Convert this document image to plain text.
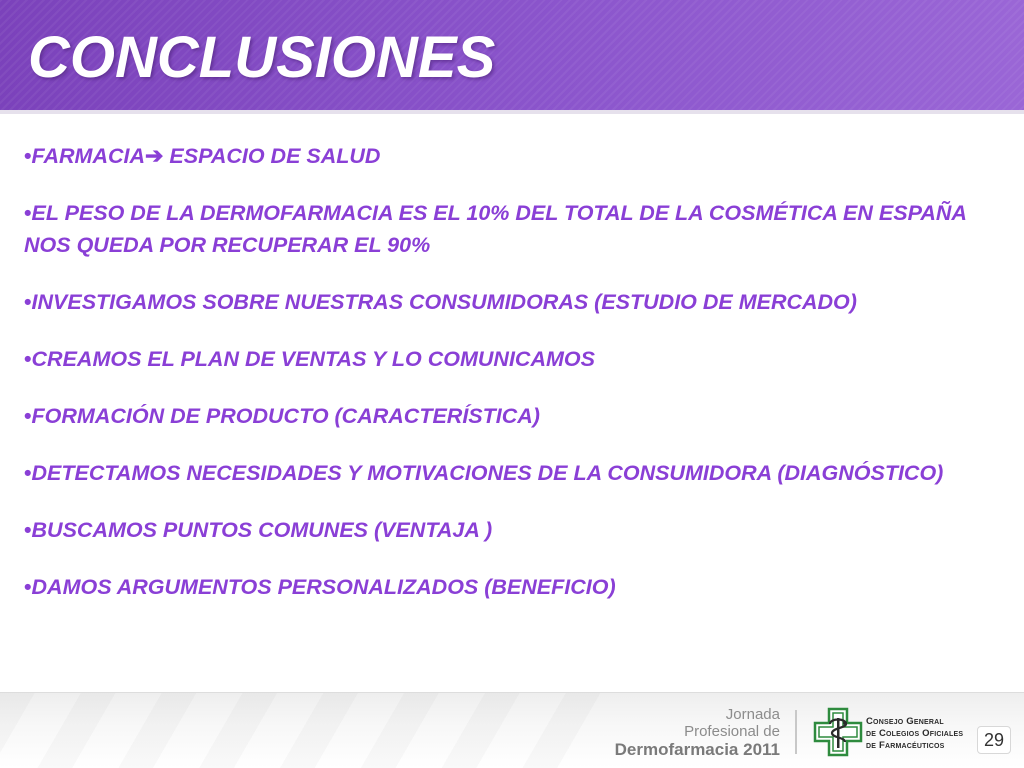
CONCLUSIONES
•FARMACIA➔ ESPACIO DE SALUD
•EL PESO DE LA DERMOFARMACIA ES EL 10% DEL TOTAL DE LA COSMÉTICA EN ESPAÑA NOS QUEDA POR RECUPERAR EL 90%
•INVESTIGAMOS SOBRE NUESTRAS CONSUMIDORAS (ESTUDIO DE MERCADO)
•CREAMOS EL PLAN DE VENTAS Y LO COMUNICAMOS
•FORMACIÓN DE PRODUCTO (CARACTERÍSTICA)
•DETECTAMOS NECESIDADES Y MOTIVACIONES DE LA CONSUMIDORA (DIAGNÓSTICO)
•BUSCAMOS PUNTOS COMUNES (VENTAJA )
•DAMOS ARGUMENTOS PERSONALIZADOS (BENEFICIO)
Jornada
Profesional de
Dermofarmacia 2011
Consejo General
de Colegios Oficiales
de Farmacéuticos	29
